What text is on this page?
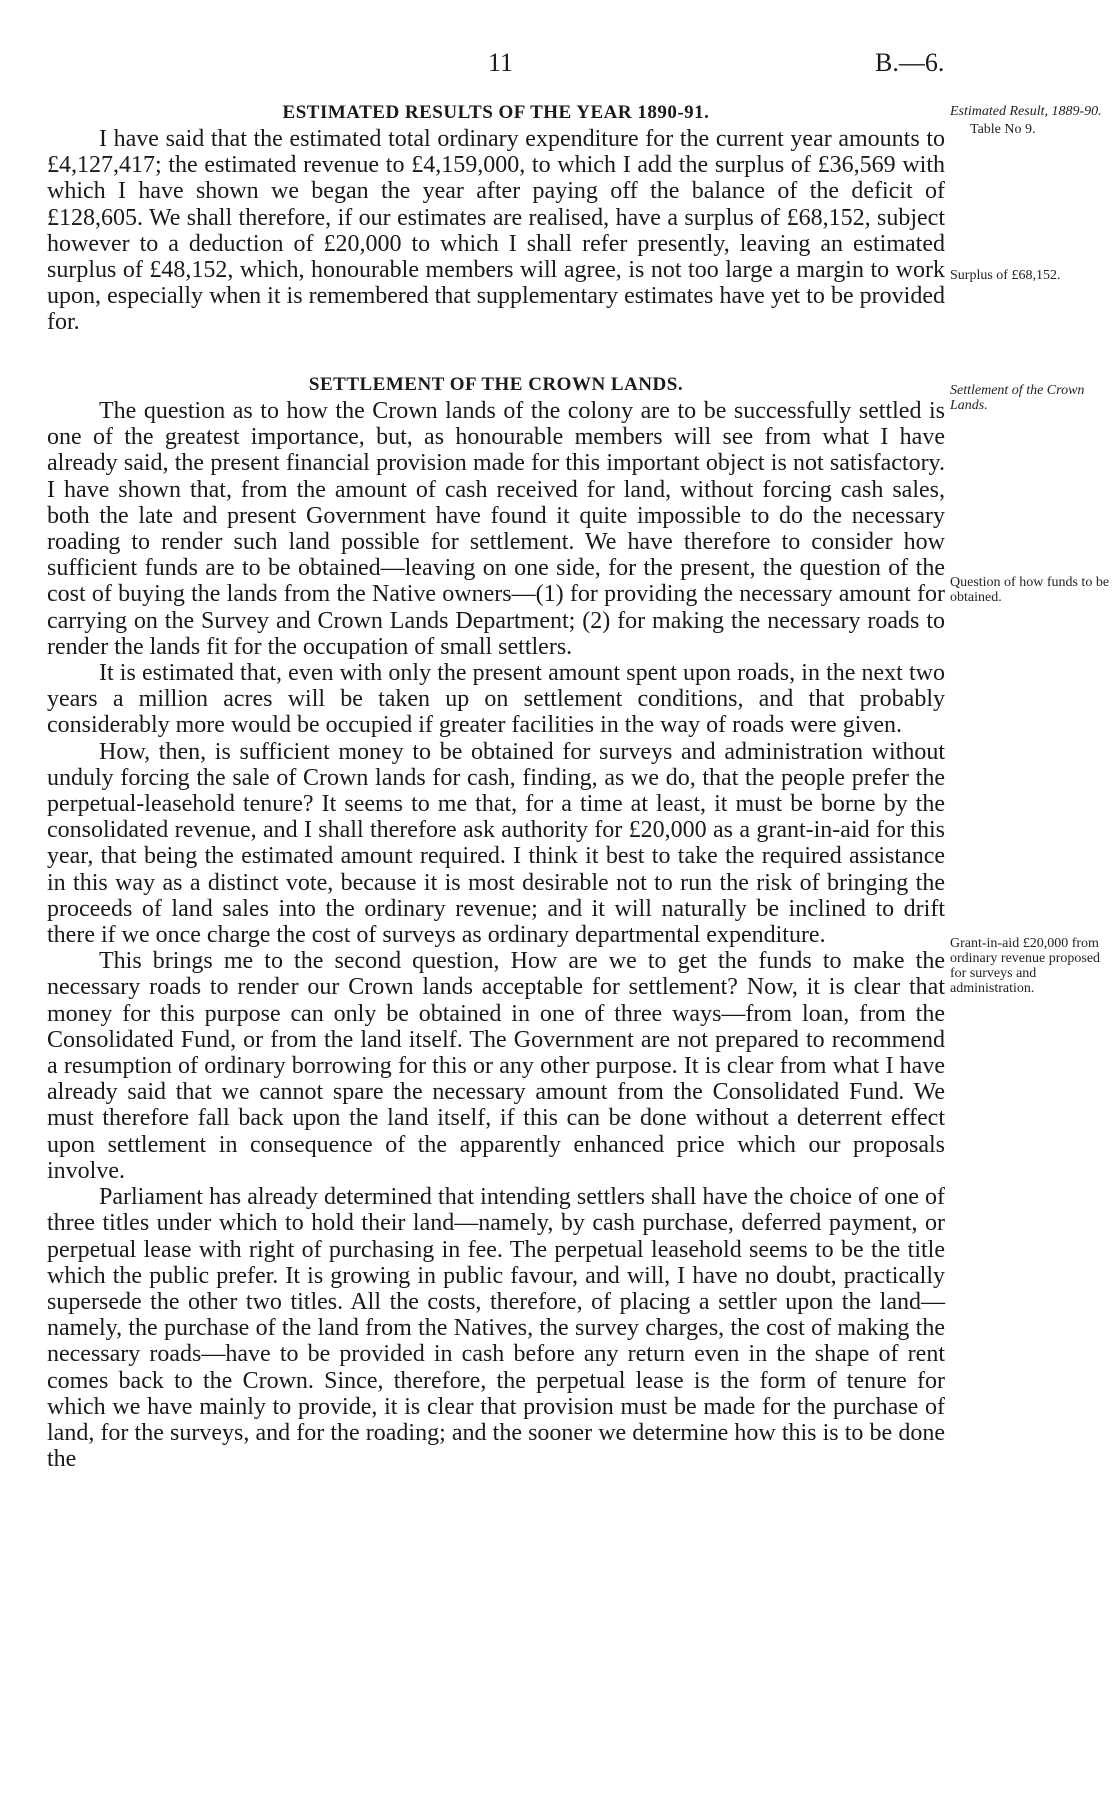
11	B.—6.
ESTIMATED RESULTS OF THE YEAR 1890-91.

I have said that the estimated total ordinary expenditure for the current year amounts to £4,127,417; the estimated revenue to £4,159,000, to which I add the surplus of £36,569 with which I have shown we began the year after paying off the balance of the deficit of £128,605. We shall therefore, if our estimates are realised, have a surplus of £68,152, subject however to a deduction of £20,000 to which I shall refer presently, leaving an estimated surplus of £48,152, which, honourable members will agree, is not too large a margin to work upon, especially when it is remembered that supplementary estimates have yet to be provided for.

SETTLEMENT OF THE CROWN LANDS.

The question as to how the Crown lands of the colony are to be successfully settled is one of the greatest importance, but, as honourable members will see from what I have already said, the present financial provision made for this important object is not satisfactory. I have shown that, from the amount of cash received for land, without forcing cash sales, both the late and present Government have found it quite impossible to do the necessary roading to render such land possible for settlement. We have therefore to consider how sufficient funds are to be obtained—leaving on one side, for the present, the question of the cost of buying the lands from the Native owners—(1) for providing the necessary amount for carrying on the Survey and Crown Lands Department; (2) for making the necessary roads to render the lands fit for the occupation of small settlers.

It is estimated that, even with only the present amount spent upon roads, in the next two years a million acres will be taken up on settlement conditions, and that probably considerably more would be occupied if greater facilities in the way of roads were given.

How, then, is sufficient money to be obtained for surveys and administration without unduly forcing the sale of Crown lands for cash, finding, as we do, that the people prefer the perpetual-leasehold tenure? It seems to me that, for a time at least, it must be borne by the consolidated revenue, and I shall therefore ask authority for £20,000 as a grant-in-aid for this year, that being the estimated amount required. I think it best to take the required assistance in this way as a distinct vote, because it is most desirable not to run the risk of bringing the proceeds of land sales into the ordinary revenue; and it will naturally be inclined to drift there if we once charge the cost of surveys as ordinary departmental expenditure.

This brings me to the second question, How are we to get the funds to make the necessary roads to render our Crown lands acceptable for settlement? Now, it is clear that money for this purpose can only be obtained in one of three ways—from loan, from the Consolidated Fund, or from the land itself. The Government are not prepared to recommend a resumption of ordinary borrowing for this or any other purpose. It is clear from what I have already said that we cannot spare the necessary amount from the Consolidated Fund. We must therefore fall back upon the land itself, if this can be done without a deterrent effect upon settlement in consequence of the apparently enhanced price which our proposals involve.

Parliament has already determined that intending settlers shall have the choice of one of three titles under which to hold their land—namely, by cash purchase, deferred payment, or perpetual lease with right of purchasing in fee. The perpetual leasehold seems to be the title which the public prefer. It is growing in public favour, and will, I have no doubt, practically supersede the other two titles. All the costs, therefore, of placing a settler upon the land—namely, the purchase of the land from the Natives, the survey charges, the cost of making the necessary roads—have to be provided in cash before any return even in the shape of rent comes back to the Crown. Since, therefore, the perpetual lease is the form of tenure for which we have mainly to provide, it is clear that provision must be made for the purchase of land, for the surveys, and for the roading; and the sooner we determine how this is to be done the

Estimated Result, 1889-90.
Table No 9.
Surplus of £68,152.
Settlement of the Crown Lands.
Question of how funds to be obtained.
Grant-in-aid £20,000 from ordinary revenue proposed for surveys and administration.
